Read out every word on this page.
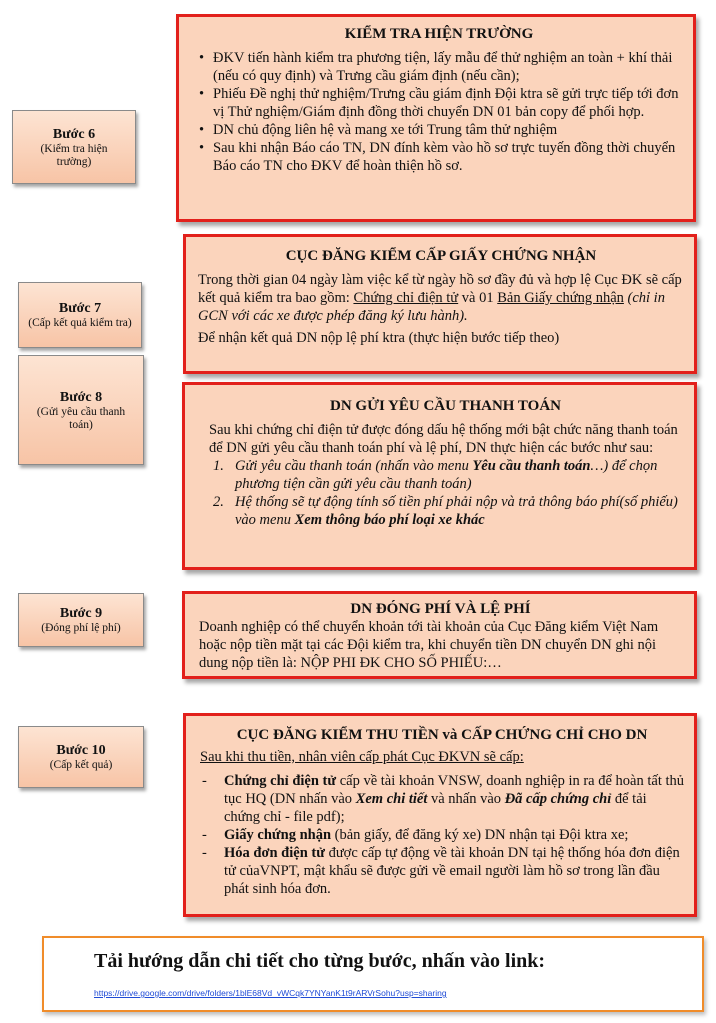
Bước 6
(Kiểm tra hiện trường)
Bước 7
(Cấp kết quả kiểm tra)
Bước 8
(Gửi yêu cầu thanh toán)
Bước 9
(Đóng phí lệ phí)
Bước 10
(Cấp kết quả)
KIỂM TRA HIỆN TRƯỜNG
• ĐKV tiến hành kiểm tra phương tiện, lấy mẫu để thử nghiệm an toàn + khí thải (nếu có quy định) và Trưng cầu giám định (nếu cần);
• Phiếu Đề nghị thử nghiệm/Trưng cầu giám định Đội ktra sẽ gửi trực tiếp tới đơn vị Thử nghiệm/Giám định đồng thời chuyển DN 01 bản copy để phối hợp.
• DN chủ động liên hệ và mang xe tới Trung tâm thử nghiệm
• Sau khi nhận Báo cáo TN, DN đính kèm vào hồ sơ trực tuyến đồng thời chuyển Báo cáo TN cho ĐKV để hoàn thiện hồ sơ.
CỤC ĐĂNG KIỂM CẤP GIẤY CHỨNG NHẬN

Trong thời gian 04 ngày làm việc kể từ ngày hồ sơ đầy đủ và hợp lệ Cục ĐK sẽ cấp kết quả kiểm tra bao gồm: Chứng chỉ điện tử và 01 Bản Giấy chứng nhận (chỉ in GCN với các xe được phép đăng ký lưu hành).

Để nhận kết quả DN nộp lệ phí ktra (thực hiện bước tiếp theo)

DN GỬI YÊU CẦU THANH TOÁN

Sau khi chứng chỉ điện tử được đóng dấu hệ thống mới bật chức năng thanh toán để DN gửi yêu cầu thanh toán phí và lệ phí, DN thực hiện các bước như sau:

1. Gửi yêu cầu thanh toán (nhấn vào menu Yêu cầu thanh toán…) để chọn phương tiện cần gửi yêu cầu thanh toán)
2. Hệ thống sẽ tự động tính số tiền phí phải nộp và trả thông báo phí(số phiếu) vào menu Xem thông báo phí loại xe khác
DN ĐÓNG PHÍ VÀ LỆ PHÍ

Doanh nghiệp có thể chuyển khoản tới tài khoản của Cục Đăng kiểm Việt Nam hoặc nộp tiền mặt tại các Đội kiểm tra, khi chuyển tiền DN chuyển DN ghi nội dung nộp tiền là: NỘP PHI ĐK CHO SỐ PHIẾU:…

CỤC ĐĂNG KIỂM THU TIỀN và CẤP CHỨNG CHỈ CHO DN

Sau khi thu tiền, nhân viên cấp phát Cục ĐKVN sẽ cấp:

- Chứng chỉ điện tử cấp về tài khoản VNSW, doanh nghiệp in ra để hoàn tất thủ tục HQ (DN nhấn vào Xem chi tiết và nhấn vào Đã cấp chứng chỉ để tải chứng chỉ - file pdf);
- Giấy chứng nhận (bản giấy, để đăng ký xe) DN nhận tại Đội ktra xe;
- Hóa đơn điện tử được cấp tự động về tài khoản DN tại hệ thống hóa đơn điện tử củaVNPT, mật khẩu sẽ được gửi về email người làm hồ sơ trong lần đầu phát sinh hóa đơn.
Tải hướng dẫn chi tiết cho từng bước, nhấn vào link:
https://drive.google.com/drive/folders/1blE68Vd_vWCqk7YNYanK1t9rARVrSohu?usp=sharing
